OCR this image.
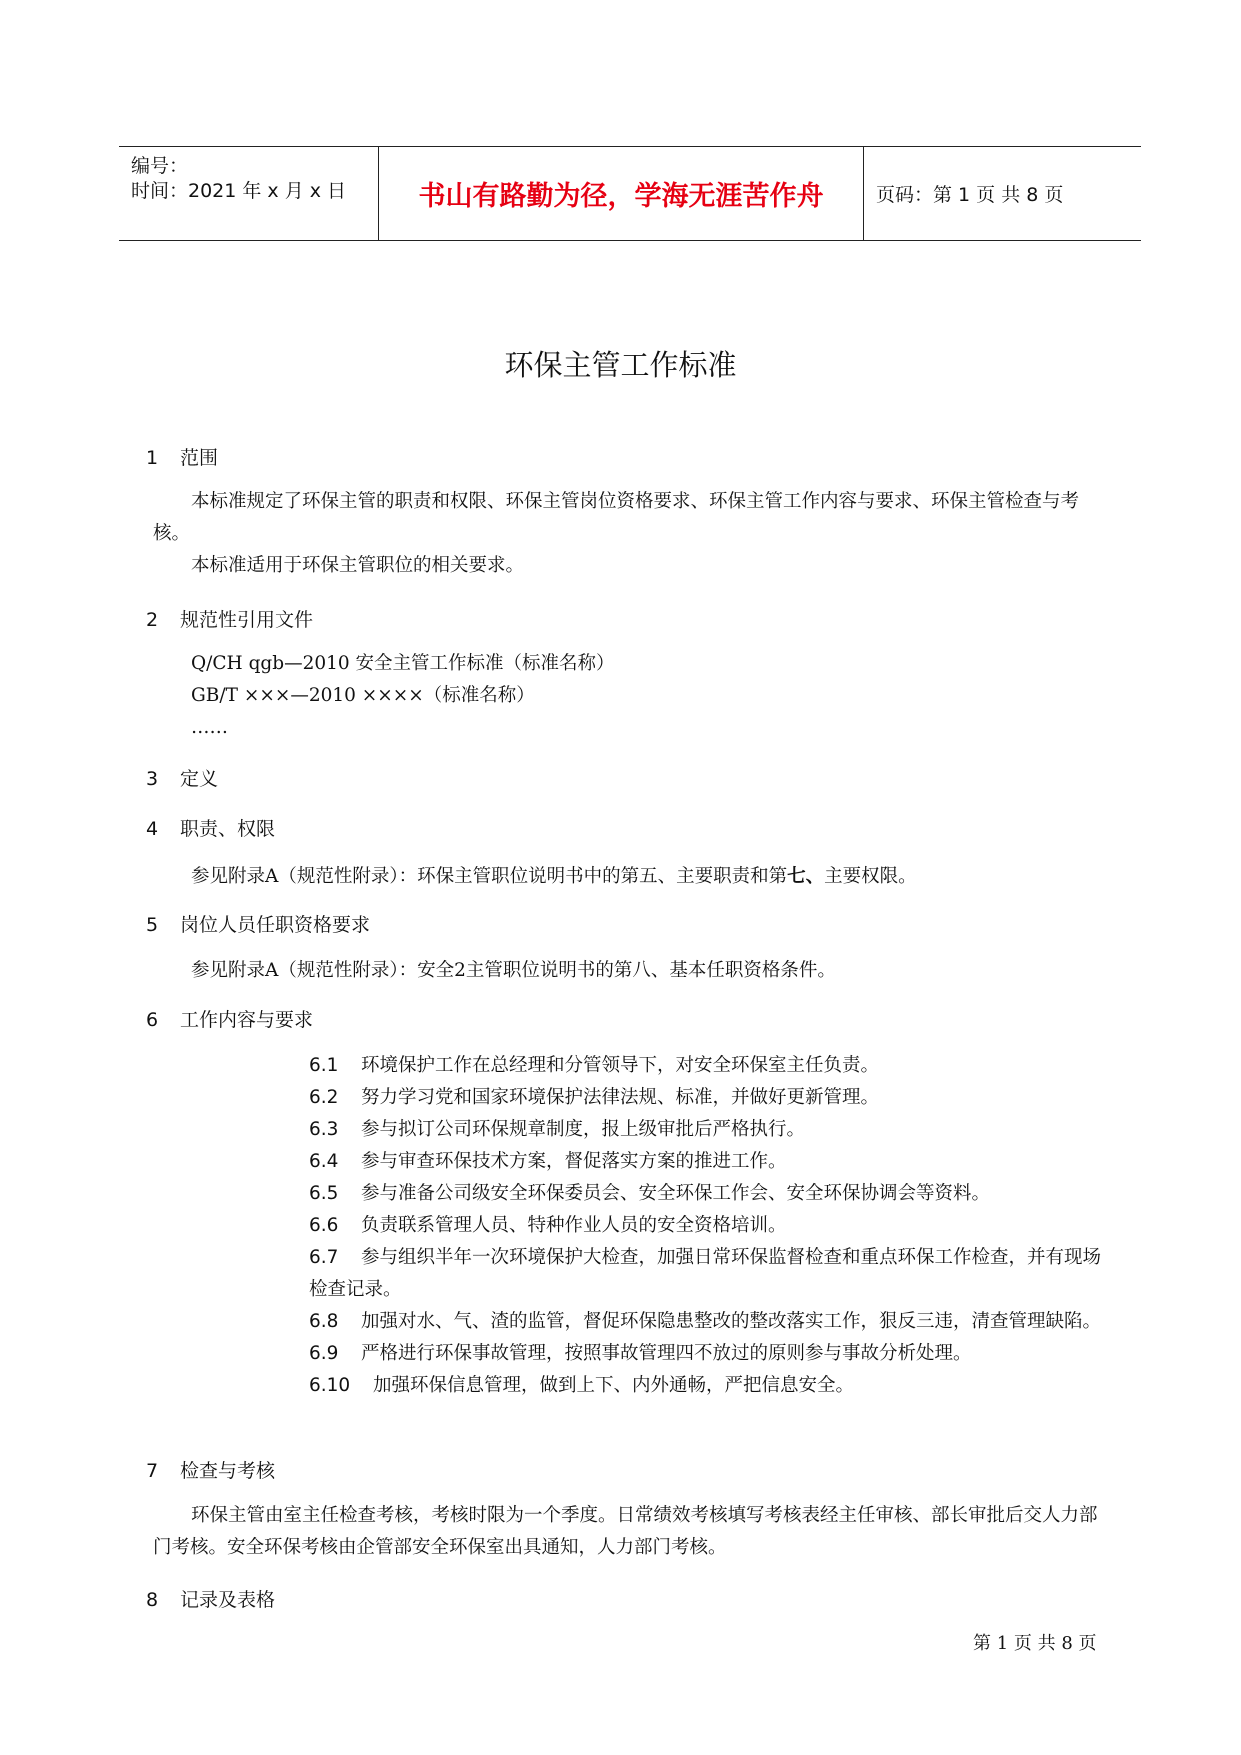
编号：
时间：2021 年 x 月 x 日	书山有路勤为径，学海无涯苦作舟	页码：第 1 页 共 8 页
环保主管工作标准
1 范围

本标准规定了环保主管的职责和权限、环保主管岗位资格要求、环保主管工作内容与要求、环保主管检查与考核。

本标准适用于环保主管职位的相关要求。

2 规范性引用文件
Q/CH qgb—2010 安全主管工作标准（标准名称）
GB/T ×××—2010 ××××（标准名称）
……
3 定义
4 职责、权限
参见附录A（规范性附录）：环保主管职位说明书中的第五、主要职责和第七、主要权限。
5 岗位人员任职资格要求
参见附录A（规范性附录）：安全2主管职位说明书的第八、基本任职资格条件。
6 工作内容与要求

6.1 环境保护工作在总经理和分管领导下，对安全环保室主任负责。

6.2 努力学习党和国家环境保护法律法规、标准，并做好更新管理。

6.3 参与拟订公司环保规章制度，报上级审批后严格执行。

6.4 参与审查环保技术方案，督促落实方案的推进工作。

6.5 参与准备公司级安全环保委员会、安全环保工作会、安全环保协调会等资料。

6.6 负责联系管理人员、特种作业人员的安全资格培训。

6.7 参与组织半年一次环境保护大检查，加强日常环保监督检查和重点环保工作检查，并有现场检查记录。

6.8 加强对水、气、渣的监管，督促环保隐患整改的整改落实工作，狠反三违，清查管理缺陷。

6.9 严格进行环保事故管理，按照事故管理四不放过的原则参与事故分析处理。

6.10 加强环保信息管理，做到上下、内外通畅，严把信息安全。

7 检查与考核

环保主管由室主任检查考核，考核时限为一个季度。日常绩效考核填写考核表经主任审核、部长审批后交人力部门考核。安全环保考核由企管部安全环保室出具通知，人力部门考核。

8 记录及表格
第 1 页 共 8 页
